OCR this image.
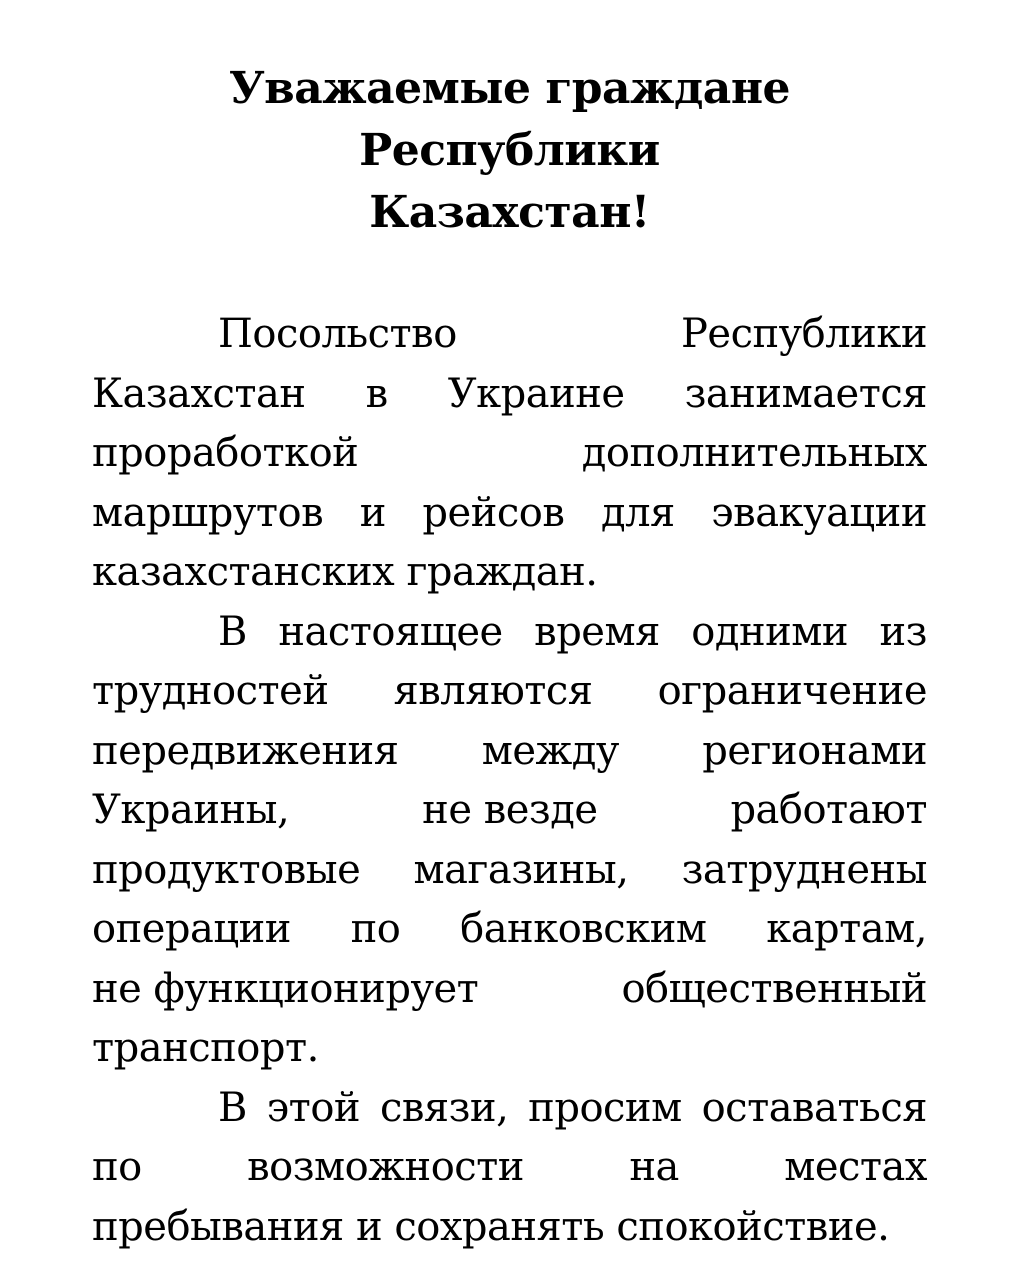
Уважаемые граждане Республики
Казахстан!
Посольство	Республики
Казахстан в Украине занимается
проработкой	дополнительных
маршрутов и рейсов для эвакуации
казахстанских граждан.
В настоящее время одними из
трудностей являются ограничение
передвижения между регионами
Украины,	не везде	работают
продуктовые магазины, затруднены
операции по банковским картам,
не функционирует	общественный
транспорт.
В этой связи, просим оставаться
по	возможности	на	местах
пребывания и сохранять спокойствие.
